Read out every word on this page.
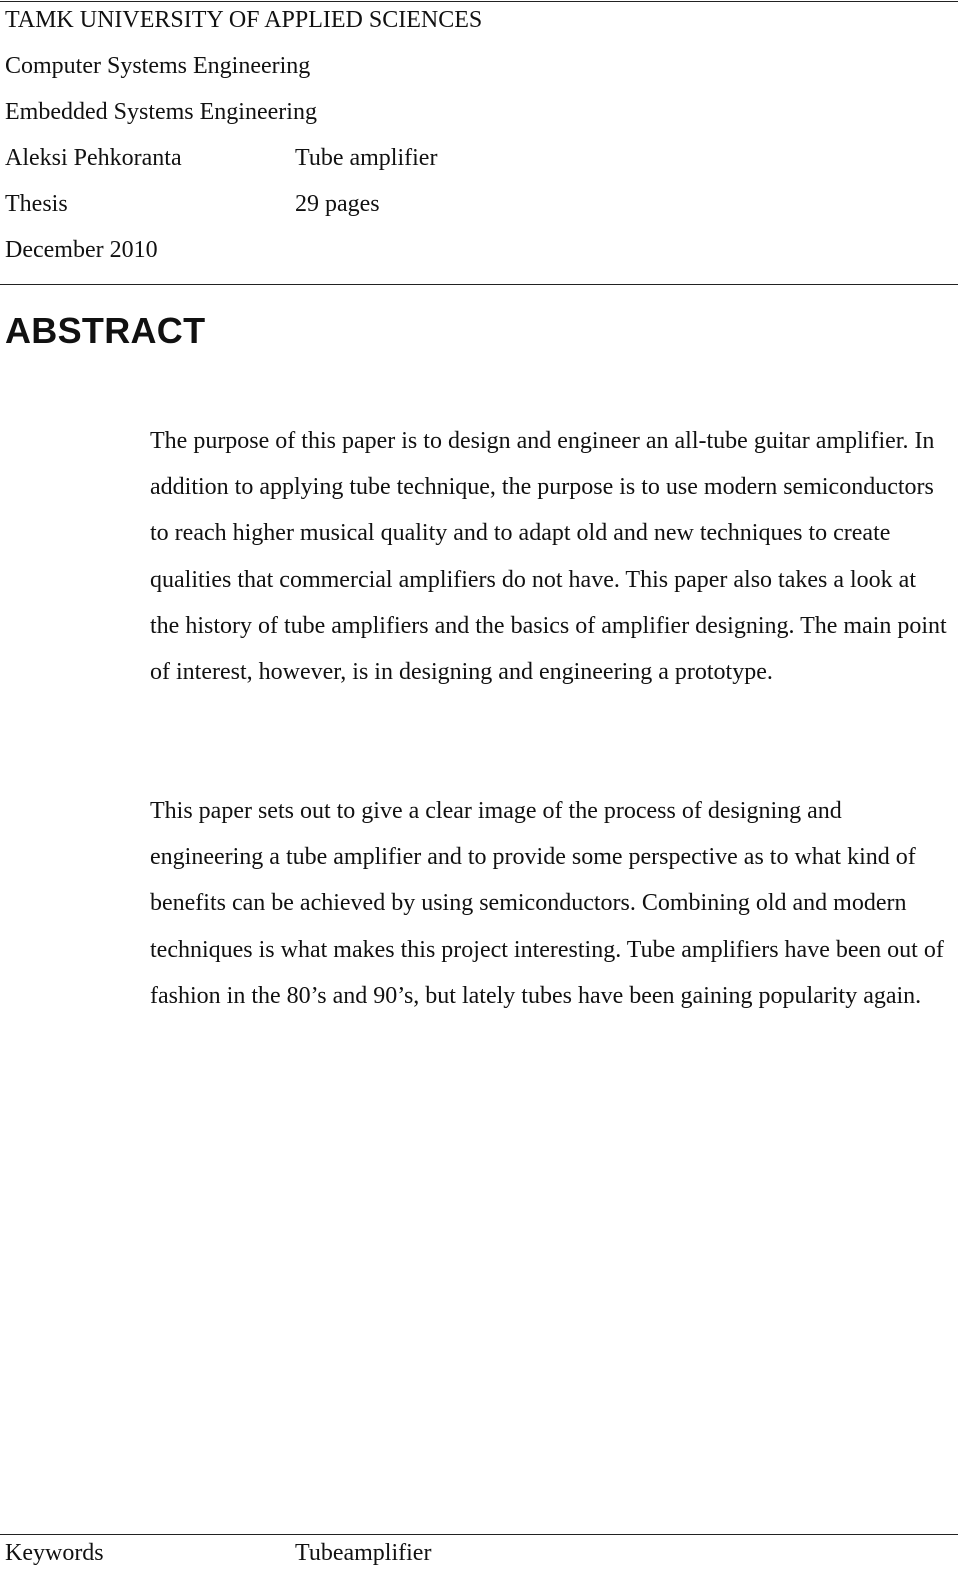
TAMK UNIVERSITY OF APPLIED SCIENCES
Computer Systems Engineering
Embedded Systems Engineering
Aleksi Pehkoranta	Tube amplifier
Thesis	29 pages
December 2010
ABSTRACT

The purpose of this paper is to design and engineer an all-tube guitar amplifier. In addition to applying tube technique, the purpose is to use modern semiconductors to reach higher musical quality and to adapt old and new techniques to create qualities that commercial amplifiers do not have. This paper also takes a look at the history of tube amplifiers and the basics of amplifier designing. The main point of interest, however, is in designing and engineering a prototype.

This paper sets out to give a clear image of the process of designing and engineering a tube amplifier and to provide some perspective as to what kind of benefits can be achieved by using semiconductors. Combining old and modern techniques is what makes this project interesting. Tube amplifiers have been out of fashion in the 80’s and 90’s, but lately tubes have been gaining popularity again.

Keywords	Tubeamplifier
